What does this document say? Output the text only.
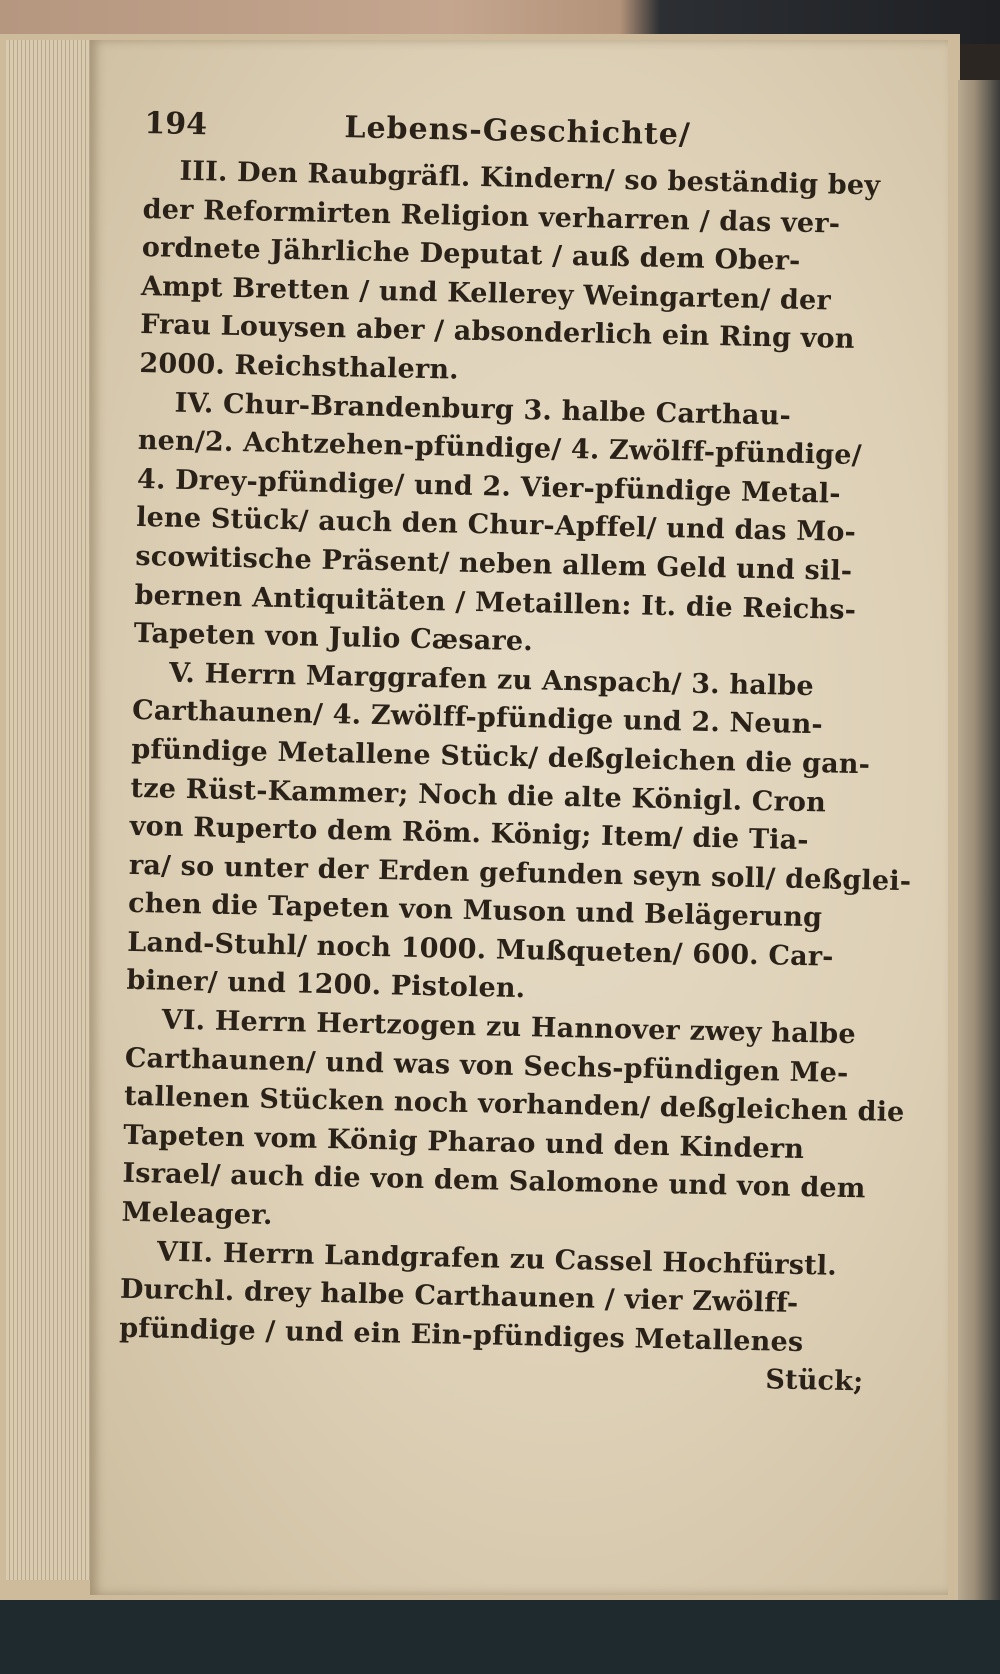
194	Lebens-Geschichte/
III. Den Raubgräfl. Kindern/ so beständig bey
der Reformirten Religion verharren / das ver-
ordnete Jährliche Deputat / auß dem Ober-
Ampt Bretten / und Kellerey Weingarten/ der
Frau Louysen aber / absonderlich ein Ring von
2000. Reichsthalern.
IV. Chur-Brandenburg 3. halbe Carthau-
nen/2. Achtzehen-pfündige/ 4. Zwölff-pfündige/
4. Drey-pfündige/ und 2. Vier-pfündige Metal-
lene Stück/ auch den Chur-Apffel/ und das Mo-
scowitische Präsent/ neben allem Geld und sil-
bernen Antiquitäten / Metaillen: It. die Reichs-
Tapeten von Julio Cæsare.
V. Herrn Marggrafen zu Anspach/ 3. halbe
Carthaunen/ 4. Zwölff-pfündige und 2. Neun-
pfündige Metallene Stück/ deßgleichen die gan-
tze Rüst-Kammer; Noch die alte Königl. Cron
von Ruperto dem Röm. König; Item/ die Tia-
ra/ so unter der Erden gefunden seyn soll/ deßglei-
chen die Tapeten von Muson und Belägerung
Land-Stuhl/ noch 1000. Mußqueten/ 600. Car-
biner/ und 1200. Pistolen.
VI. Herrn Hertzogen zu Hannover zwey halbe
Carthaunen/ und was von Sechs-pfündigen Me-
tallenen Stücken noch vorhanden/ deßgleichen die
Tapeten vom König Pharao und den Kindern
Israel/ auch die von dem Salomone und von dem
Meleager.
VII. Herrn Landgrafen zu Cassel Hochfürstl.
Durchl. drey halbe Carthaunen / vier Zwölff-
pfündige / und ein Ein-pfündiges Metallenes
Stück;
